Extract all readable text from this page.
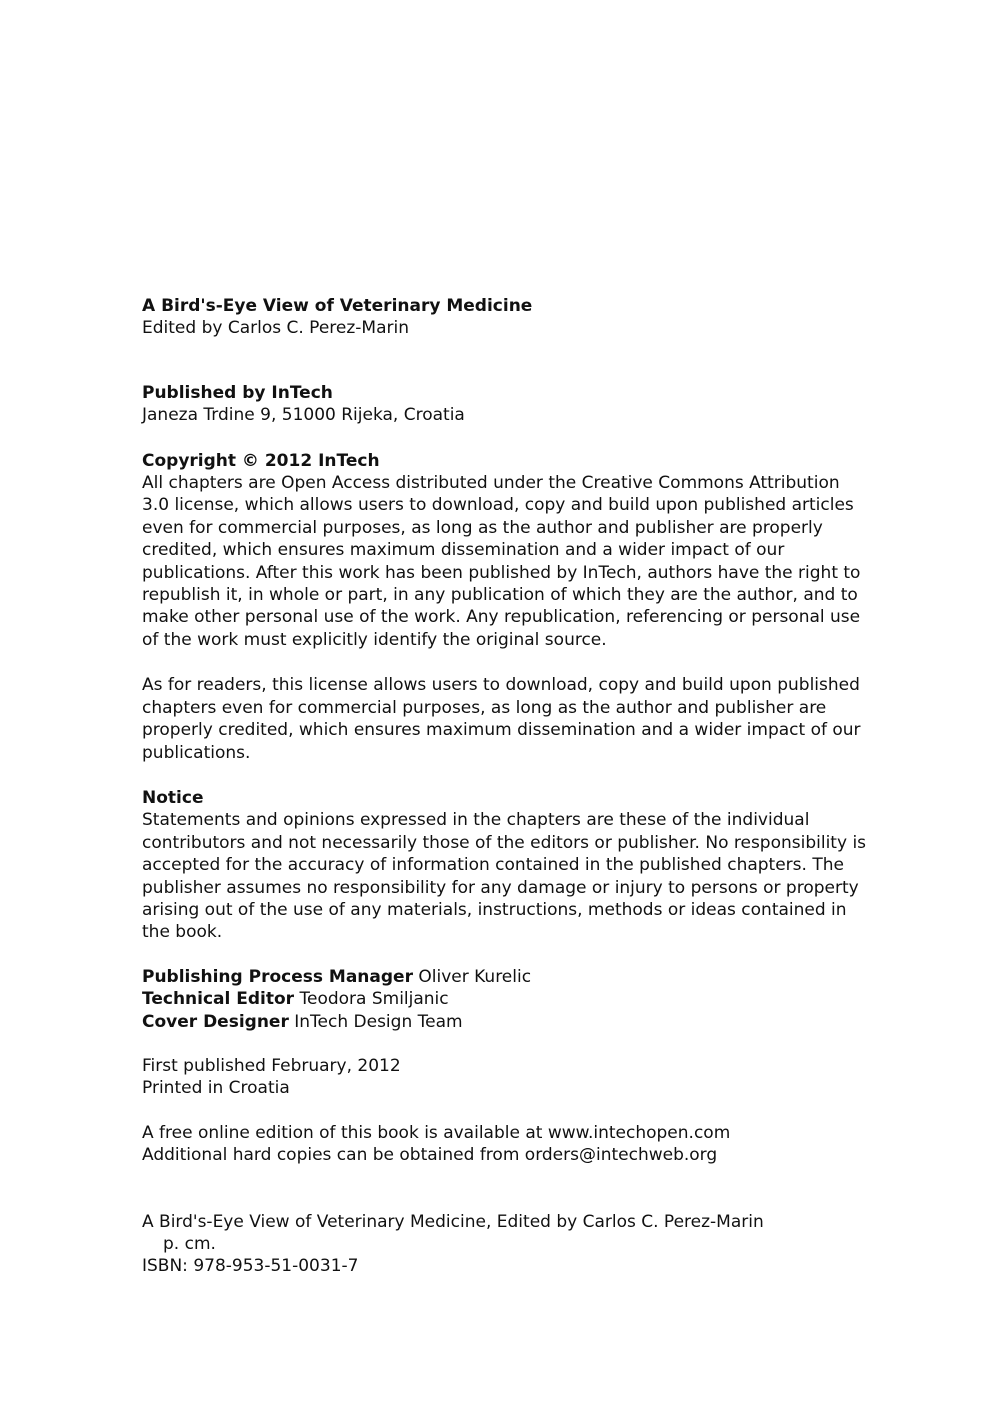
A Bird's-Eye View of Veterinary Medicine

Edited by Carlos C. Perez-Marin

Published by InTech

Janeza Trdine 9, 51000 Rijeka, Croatia

Copyright © 2012 InTech

All chapters are Open Access distributed under the Creative Commons Attribution 3.0 license, which allows users to download, copy and build upon published articles even for commercial purposes, as long as the author and publisher are properly credited, which ensures maximum dissemination and a wider impact of our publications. After this work has been published by InTech, authors have the right to republish it, in whole or part, in any publication of which they are the author, and to make other personal use of the work. Any republication, referencing or personal use of the work must explicitly identify the original source.

As for readers, this license allows users to download, copy and build upon published chapters even for commercial purposes, as long as the author and publisher are properly credited, which ensures maximum dissemination and a wider impact of our publications.

Notice

Statements and opinions expressed in the chapters are these of the individual contributors and not necessarily those of the editors or publisher. No responsibility is accepted for the accuracy of information contained in the published chapters. The publisher assumes no responsibility for any damage or injury to persons or property arising out of the use of any materials, instructions, methods or ideas contained in the book.

Publishing Process Manager Oliver Kurelic

Technical Editor Teodora Smiljanic

Cover Designer InTech Design Team

First published February, 2012

Printed in Croatia

A free online edition of this book is available at www.intechopen.com

Additional hard copies can be obtained from orders@intechweb.org

A Bird's-Eye View of Veterinary Medicine, Edited by Carlos C. Perez-Marin

p. cm.

ISBN: 978-953-51-0031-7
